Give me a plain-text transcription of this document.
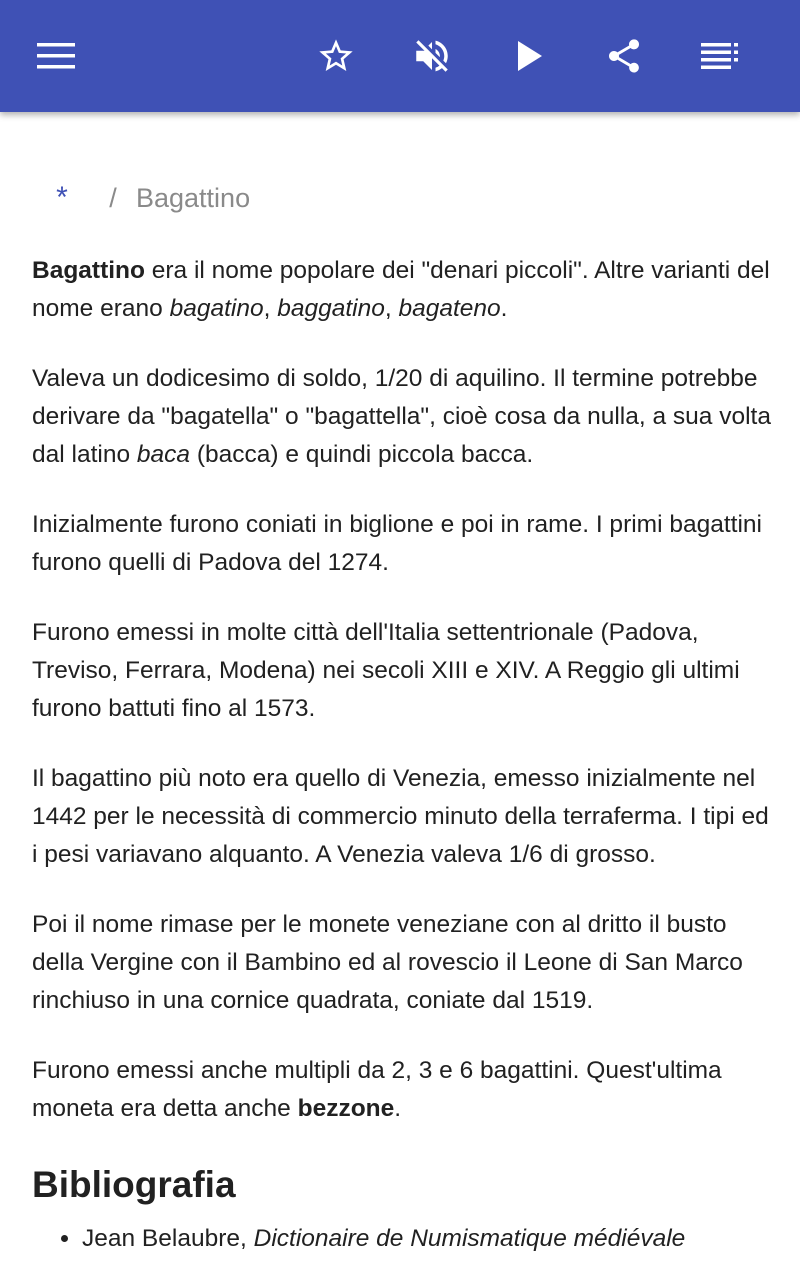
*	/ Bagattino

Bagattino era il nome popolare dei "denari piccoli". Altre varianti del nome erano bagatino, baggatino, bagateno.

Valeva un dodicesimo di soldo, 1/20 di aquilino. Il termine potrebbe derivare da "bagatella" o "bagattella", cioè cosa da nulla, a sua volta dal latino baca (bacca) e quindi piccola bacca.

Inizialmente furono coniati in biglione e poi in rame. I primi bagattini furono quelli di Padova del 1274.

Furono emessi in molte città dell'Italia settentrionale (Padova, Treviso, Ferrara, Modena) nei secoli XIII e XIV. A Reggio gli ultimi furono battuti fino al 1573.

Il bagattino più noto era quello di Venezia, emesso inizialmente nel 1442 per le necessità di commercio minuto della terraferma. I tipi ed i pesi variavano alquanto. A Venezia valeva 1/6 di grosso.

Poi il nome rimase per le monete veneziane con al dritto il busto della Vergine con il Bambino ed al rovescio il Leone di San Marco rinchiuso in una cornice quadrata, coniate dal 1519.

Furono emessi anche multipli da 2, 3 e 6 bagattini. Quest'ultima moneta era detta anche bezzone.

Bibliografia
• Jean Belaubre, Dictionaire de Numismatique médiévale
